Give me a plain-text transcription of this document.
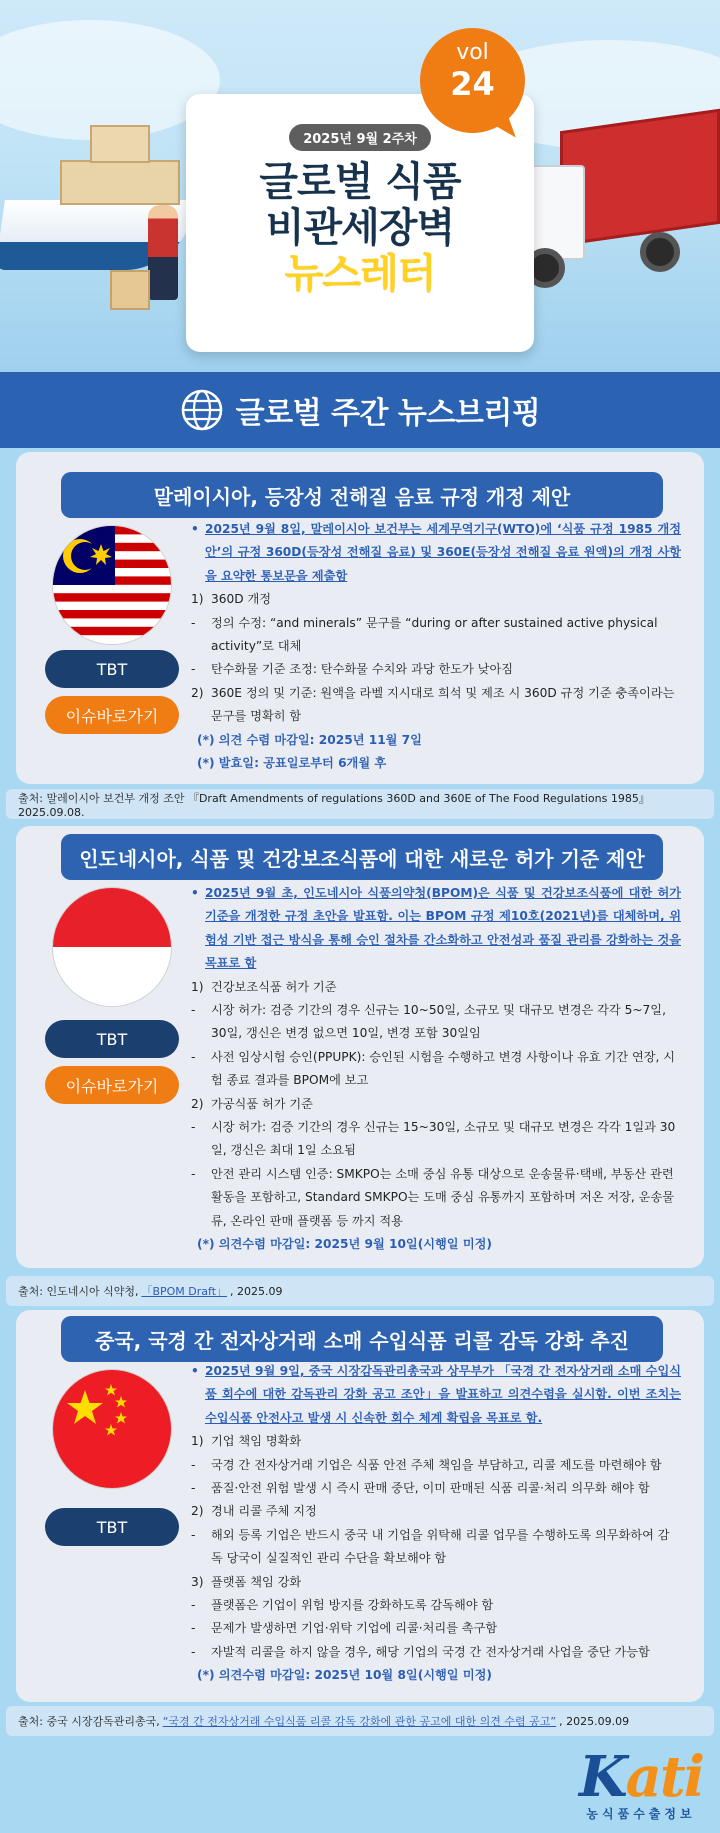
2025년 9월 2주차
글로벌 식품
비관세장벽
뉴스레터
vol
24
글로벌 주간 뉴스브리핑
말레이시아, 등장성 전해질 음료 규정 개정 제안
TBT
이슈바로가기
• 2025년 9월 8일, 말레이시아 보건부는 세계무역기구(WTO)에 ‘식품 규정 1985 개정안’의 규정 360D(등장성 전해질 음료) 및 360E(등장성 전해질 음료 원액)의 개정 사항을 요약한 통보문을 제출함
1) 360D 개정
-	정의 수정: “and minerals” 문구를 “during or after sustained active physical activity”로 대체
-	탄수화물 기준 조정: 탄수화물 수치와 과당 한도가 낮아짐
2) 360E 정의 및 기준: 원액을 라벨 지시대로 희석 및 제조 시 360D 규정 기준 충족이라는 문구를 명확히 함
(*) 의견 수렴 마감일: 2025년 11월 7일
(*) 발효일: 공표일로부터 6개월 후
출처: 말레이시아 보건부 개정 조안 『Draft Amendments of regulations 360D and 360E of The Food Regulations 1985』 2025.09.08.
인도네시아, 식품 및 건강보조식품에 대한 새로운 허가 기준 제안
TBT
이슈바로가기
• 2025년 9월 초, 인도네시아 식품의약청(BPOM)은 식품 및 건강보조식품에 대한 허가 기준을 개정한 규정 초안을 발표함. 이는 BPOM 규정 제10호(2021년)를 대체하며, 위험성 기반 접근 방식을 통해 승인 절차를 간소화하고 안전성과 품질 관리를 강화하는 것을 목표로 함
1) 건강보조식품 허가 기준
-	시장 허가: 검증 기간의 경우 신규는 10~50일, 소규모 및 대규모 변경은 각각 5~7일, 30일, 갱신은 변경 없으면 10일, 변경 포함 30일임
-	사전 임상시험 승인(PPUPK): 승인된 시험을 수행하고 변경 사항이나 유효 기간 연장, 시험 종료 결과를 BPOM에 보고
2) 가공식품 허가 기준
-	시장 허가: 검증 기간의 경우 신규는 15~30일, 소규모 및 대규모 변경은 각각 1일과 30일, 갱신은 최대 1일 소요됨
-	안전 관리 시스템 인증: SMKPO는 소매 중심 유통 대상으로 운송물류·택배, 부동산 관련 활동을 포함하고, Standard SMKPO는 도매 중심 유통까지 포함하며 저온 저장, 운송물류, 온라인 판매 플랫폼 등 까지 적용
(*) 의견수렴 마감일: 2025년 9월 10일(시행일 미정)
출처: 인도네시아 식약청, 「BPOM Draft」 , 2025.09
중국, 국경 간 전자상거래 소매 수입식품 리콜 감독 강화 추진
TBT
• 2025년 9월 9일, 중국 시장감독관리총국과 상무부가 「국경 간 전자상거래 소매 수입식품 회수에 대한 감독관리 강화 공고 조안」을 발표하고 의견수렴을 실시함. 이번 조치는 수입식품 안전사고 발생 시 신속한 회수 체계 확립을 목표로 함.
1) 기업 책임 명확화
-	국경 간 전자상거래 기업은 식품 안전 주체 책임을 부담하고, 리콜 제도를 마련해야 함
-	품질·안전 위험 발생 시 즉시 판매 중단, 이미 판매된 식품 리콜·처리 의무화 해야 함
2) 경내 리콜 주체 지정
-	해외 등록 기업은 반드시 중국 내 기업을 위탁해 리콜 업무를 수행하도록 의무화하여 감독 당국이 실질적인 관리 수단을 확보해야 함
3) 플랫폼 책임 강화
-	플랫폼은 기업이 위험 방지를 강화하도록 감독해야 함
-	문제가 발생하면 기업·위탁 기업에 리콜·처리를 촉구함
-	자발적 리콜을 하지 않을 경우, 해당 기업의 국경 간 전자상거래 사업을 중단 가능함
(*) 의견수렴 마감일: 2025년 10월 8일(시행일 미정)
출처: 중국 시장감독관리총국, “국경 간 전자상거래 수입식품 리콜 감독 강화에 관한 공고에 대한 의견 수렴 공고” , 2025.09.09
Kati
농식품수출정보
